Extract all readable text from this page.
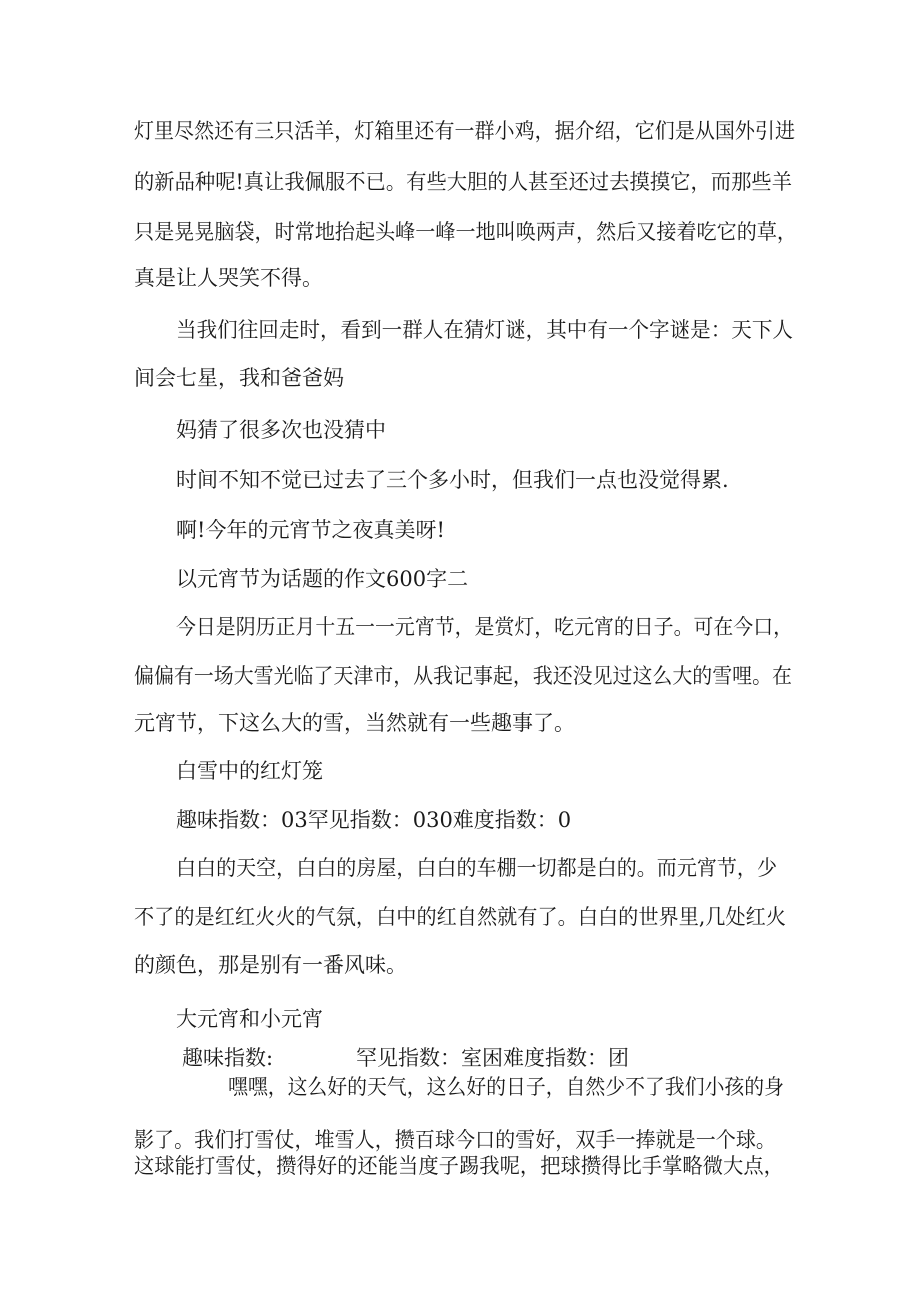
灯里尽然还有三只活羊，灯箱里还有一群小鸡，据介绍，它们是从国外引进
的新品种呢!真让我佩服不已。有些大胆的人甚至还过去摸摸它，而那些羊
只是晃晃脑袋，时常地抬起头峰一峰一地叫唤两声，然后又接着吃它的草，
真是让人哭笑不得。
当我们往回走时，看到一群人在猜灯谜，其中有一个字谜是：天下人
间会七星，我和爸爸妈
妈猜了很多次也没猜中
时间不知不觉已过去了三个多小时，但我们一点也没觉得累.
啊!今年的元宵节之夜真美呀!
以元宵节为话题的作文600字二
今日是阴历正月十五一一元宵节，是赏灯，吃元宵的日子。可在今口，
偏偏有一场大雪光临了天津市，从我记事起，我还没见过这么大的雪哩。在
元宵节，下这么大的雪，当然就有一些趣事了。
白雪中的红灯笼
趣味指数：03罕见指数：030难度指数：0
白白的天空，白白的房屋，白白的车棚一切都是白的。而元宵节，少
不了的是红红火火的气氛，白中的红自然就有了。白白的世界里,几处红火
的颜色，那是别有一番风味。
大元宵和小元宵
趣味指数:	罕见指数：室困难度指数：团
嘿嘿，这么好的天气，这么好的日子，自然少不了我们小孩的身
影了。我们打雪仗，堆雪人，攒百球今口的雪好，双手一捧就是一个球。
这球能打雪仗，攒得好的还能当度子踢我呢，把球攒得比手掌略微大点，
